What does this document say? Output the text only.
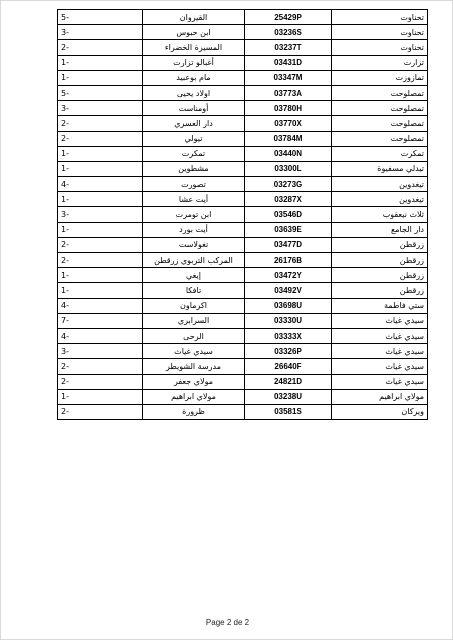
5-	القيروان	25429P	تحناوت
3-	ابن حبوس	03236S	تحناوت
2-	المسيرة الخضراء	03237T	تحناوت
1-	أغبالو تزارت	03431D	تزارت
1-	مام بوعبيد	03347M	تمازوزت
5-	اولاد يحيى	03773A	تمصلوحت
3-	أومناست	03780H	تمصلوحت
2-	دار العسري	03770X	تمصلوحت
2-	تيولي	03784M	تمصلوحت
1-	تمكرت	03440N	تمكرت
1-	مشطوين	03300L	تيدلي مسفيوة
4-	تصورت	03273G	تيغدوين
1-	أيت عشا	03287X	تيغدوين
3-	ابن تومرت	03546D	ثلاث نيعقوب
1-	أيت بورد	03639E	دار الجامع
2-	تغولاست	03477D	زرقطن
2-	المركب التربوي زرقطن	26176B	زرقطن
1-	إيغي	03472Y	زرقطن
1-	تافكا	03492V	زرقطن
4-	اكرماون	03698U	ستي فاطمة
7-	السرابري	03330U	سيدي غياث
4-	الرحى	03333X	سيدي غياث
3-	سيدي غياث	03326P	سيدي غياث
2-	مدرسة الشويطر	26640F	سيدي غياث
2-	مولاي جعفر	24821D	سيدي غياث
1-	مولاي ابراهيم	03238U	مولاي ابراهيم
2-	ظرورة	03581S	ويركان
Page 2 de 2
